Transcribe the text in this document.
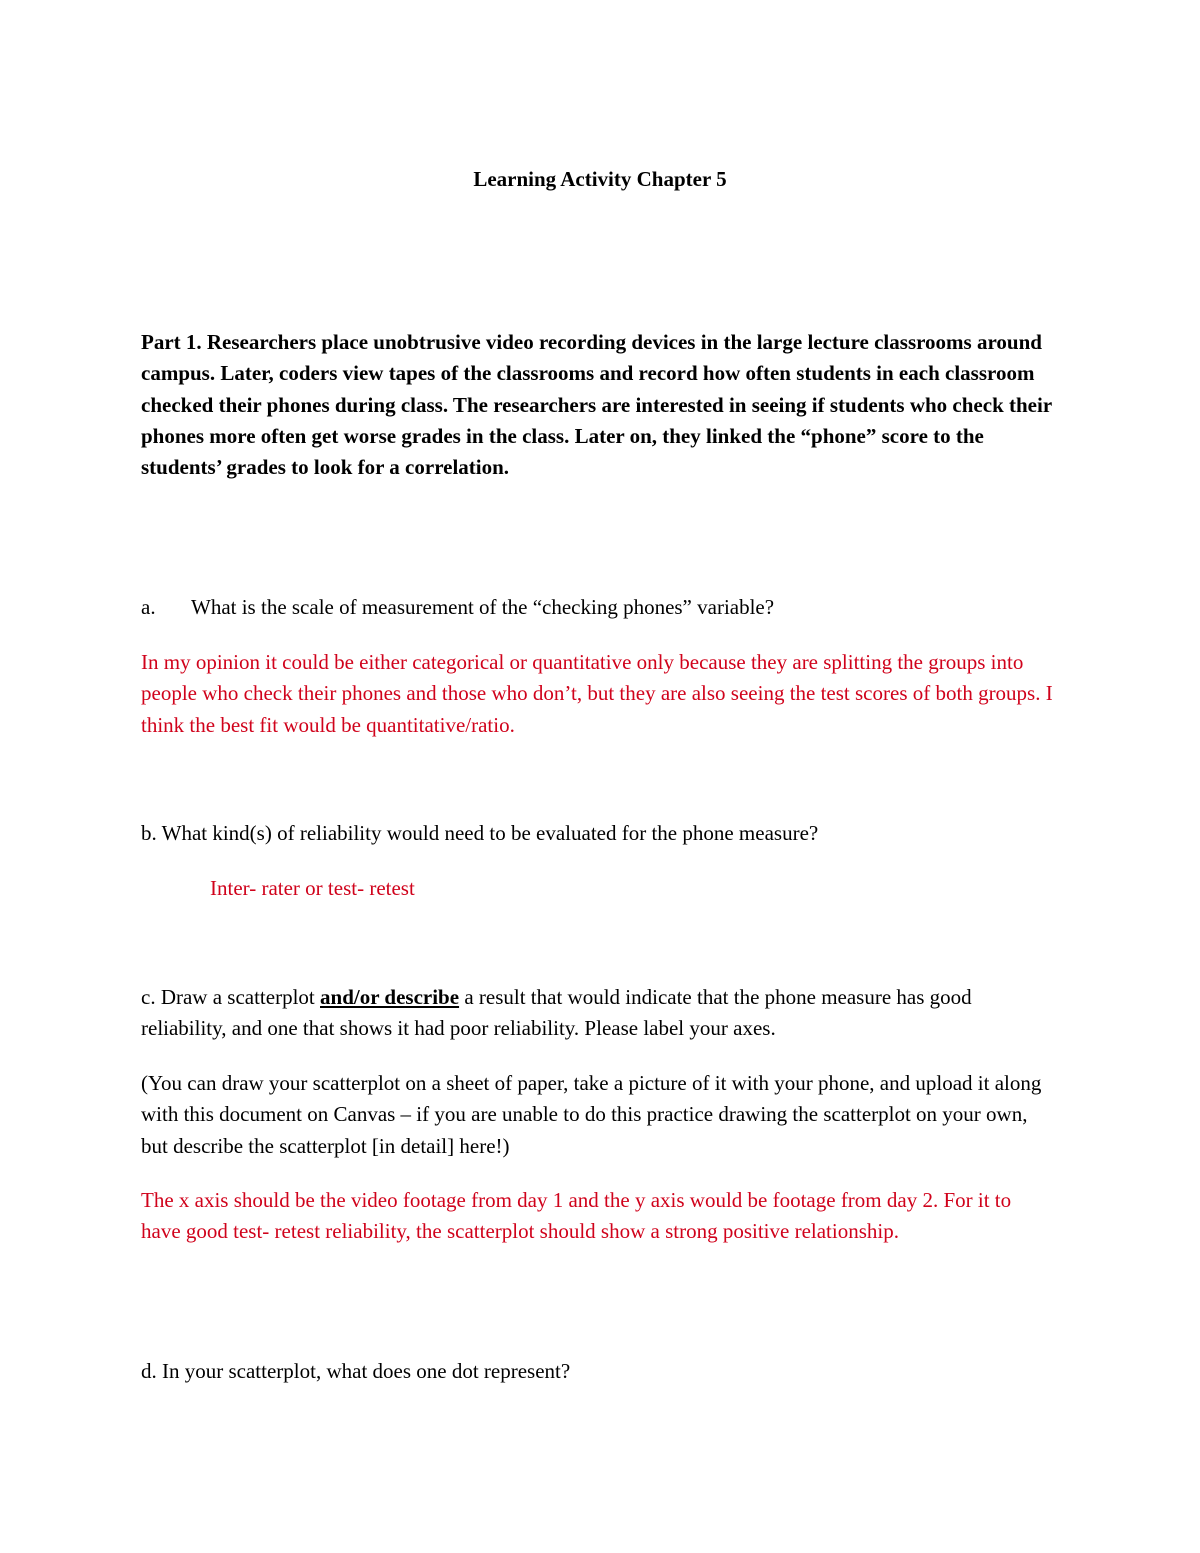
Learning Activity Chapter 5

Part 1. Researchers place unobtrusive video recording devices in the large lecture classrooms around campus. Later, coders view tapes of the classrooms and record how often students in each classroom checked their phones during class. The researchers are interested in seeing if students who check their phones more often get worse grades in the class. Later on, they linked the “phone” score to the students’ grades to look for a correlation.

a. What is the scale of measurement of the “checking phones” variable?

In my opinion it could be either categorical or quantitative only because they are splitting the groups into people who check their phones and those who don’t, but they are also seeing the test scores of both groups. I think the best fit would be quantitative/ratio.

b. What kind(s) of reliability would need to be evaluated for the phone measure?

Inter- rater or test- retest

c. Draw a scatterplot and/or describe a result that would indicate that the phone measure has good reliability, and one that shows it had poor reliability. Please label your axes.

(You can draw your scatterplot on a sheet of paper, take a picture of it with your phone, and upload it along with this document on Canvas – if you are unable to do this practice drawing the scatterplot on your own, but describe the scatterplot [in detail] here!)

The x axis should be the video footage from day 1 and the y axis would be footage from day 2. For it to have good test- retest reliability, the scatterplot should show a strong positive relationship.

d. In your scatterplot, what does one dot represent?
